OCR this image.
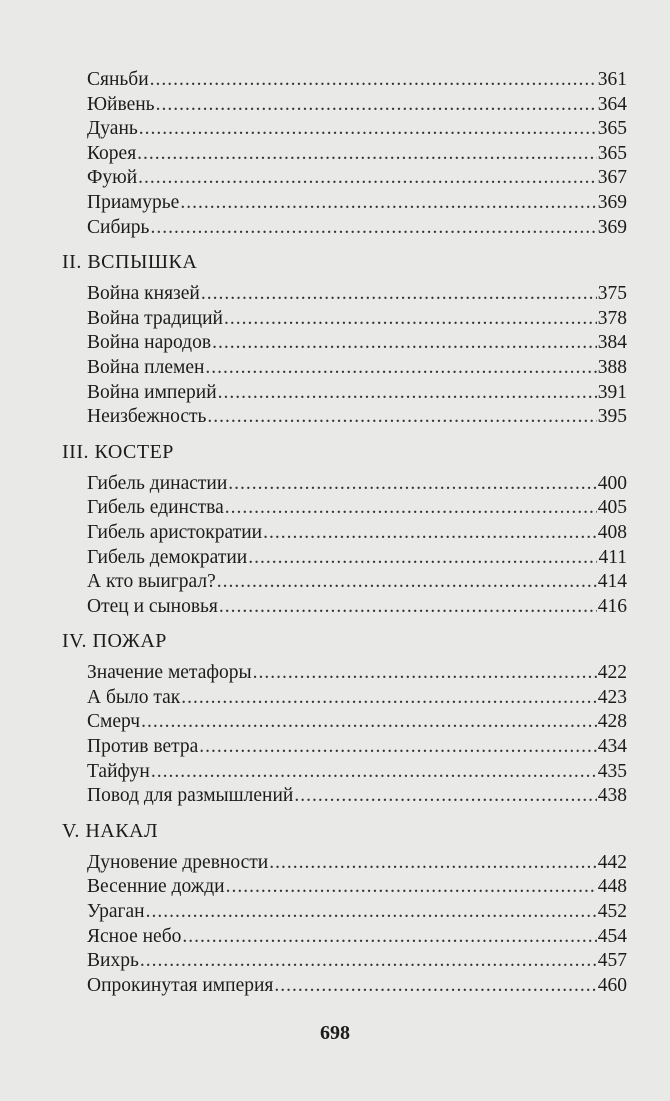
Сяньби .....	361
Юйвень .....	364
Дуань .....	365
Корея .....	365
Фуюй .....	367
Приамурье .....	369
Сибирь .....	369
II. ВСПЫШКА
Война князей .....	375
Война традиций .....	378
Война народов .....	384
Война племен .....	388
Война империй .....	391
Неизбежность .....	395
III. КОСТЕР
Гибель династии .....	400
Гибель единства .....	405
Гибель аристократии .....	408
Гибель демократии .....	411
А кто выиграл? .....	414
Отец и сыновья .....	416
IV. ПОЖАР
Значение метафоры .....	422
А было так .....	423
Смерч .....	428
Против ветра .....	434
Тайфун .....	435
Повод для размышлений .....	438
V. НАКАЛ
Дуновение древности .....	442
Весенние дожди .....	448
Ураган .....	452
Ясное небо .....	454
Вихрь .....	457
Опрокинутая империя .....	460
698
